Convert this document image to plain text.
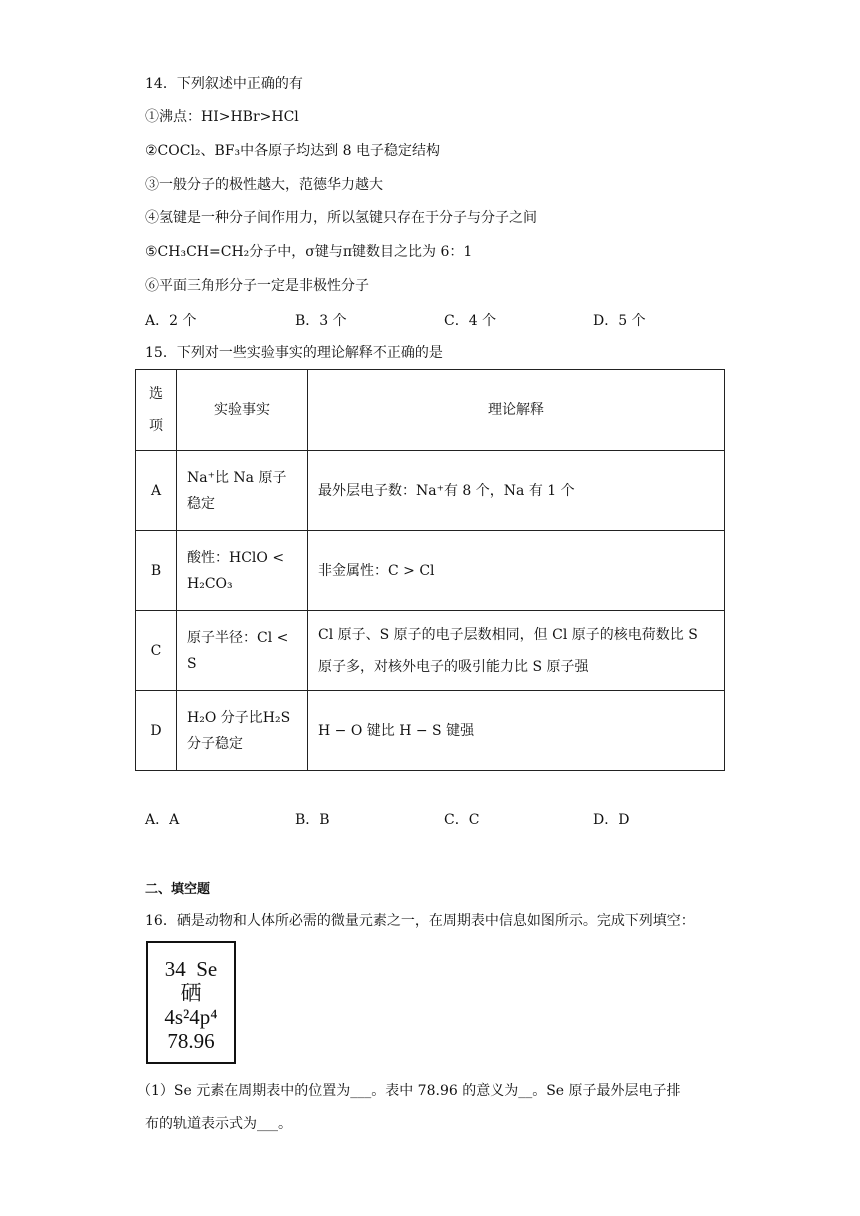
14．下列叙述中正确的有
①沸点：HI>HBr>HCl
②COCl₂、BF₃中各原子均达到 8 电子稳定结构
③一般分子的极性越大，范德华力越大
④氢键是一种分子间作用力，所以氢键只存在于分子与分子之间
⑤CH₃CH=CH₂分子中，σ键与π键数目之比为 6：1
⑥平面三角形分子一定是非极性分子
A．2 个	B．3 个	C．4 个	D．5 个
15．下列对一些实验事实的理论解释不正确的是
选项	实验事实	理论解释
A	Na⁺比 Na 原子稳定	最外层电子数：Na⁺有 8 个，Na 有 1 个
B	酸性：HClO < H₂CO₃	非金属性：C > Cl
C	原子半径：Cl < S	Cl 原子、S 原子的电子层数相同，但 Cl 原子的核电荷数比 S 原子多，对核外电子的吸引能力比 S 原子强
D	H₂O 分子比H₂S 分子稳定	H − O 键比 H − S 键强
A．A	B．B	C．C	D．D
二、填空题
16．硒是动物和人体所必需的微量元素之一，在周期表中信息如图所示。完成下列填空：
34 Se
硒
4s²4p⁴
78.96
（1）Se 元素在周期表中的位置为___。表中 78.96 的意义为__。Se 原子最外层电子排
布的轨道表示式为___。
